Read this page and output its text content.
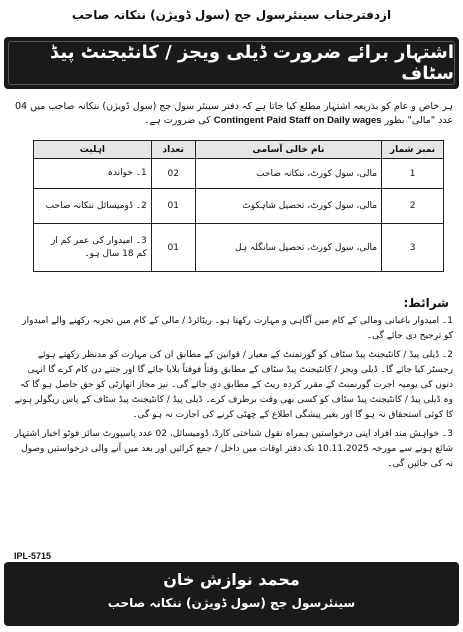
ازدفترجناب سینئرسول جج (سول ڈویژن) ننکانہ صاحب
اشتہار برائے ضرورت ڈیلی ویجز / کانٹیجنٹ پیڈ سٹاف
ہر خاص و عام کو بذریعہ اشتہار مطلع کیا جاتا ہے کہ دفتر سینئر سول جج (سول ڈویژن) ننکانہ صاحب میں 04 عدد "مالی" بطور Contingent Paid Staff on Daily wages کی ضرورت ہے۔
نمبر شمار	نام خالی آسامی	تعداد	اہلیت
1	مالی، سول کورٹ، ننکانہ صاحب	02	1۔ خواندہ
2	مالی، سول کورٹ، تحصیل شاہکوٹ	01	2۔ ڈومیسائل ننکانہ صاحب
3	مالی، سول کورٹ، تحصیل سانگلہ ہل	01	3۔ امیدوار کی عمر کم از کم 18 سال ہو۔
شرائط:

1۔ امیدوار باغبانی ومالی کے کام میں آگاہی و مہارت رکھتا ہو۔ ریٹائرڈ / مالی کے کام میں تجربہ رکھنے والے امیدوار کو ترجیح دی جائے گی۔

2۔ ڈیلی پیڈ / کانٹیجنٹ پیڈ سٹاف کو گورنمنٹ کے معیار / قوانین کے مطابق ان کی مہارت کو مدنظر رکھتے ہوئے رجسٹر کیا جائے گا۔ ڈیلی ویجز / کانٹیجنٹ پیڈ سٹاف کے مطابق وقتاً فوقتاً بلایا جائے گا اور جتنے دن کام کرے گا انہی دنوں کی یومیہ اجرت گورنمنٹ کے مقرر کردہ ریٹ کے مطابق دی جائے گی۔ نیز مجاز اتھارٹی کو حق حاصل ہو گا کہ وہ ڈیلی پیڈ / کانٹیجنٹ پیڈ سٹاف کو کسی بھی وقت برطرف کرے۔ ڈیلی پیڈ / کانٹیجنٹ پیڈ سٹاف کے پاس ریگولر ہونے کا کوئی استحقاق نہ ہو گا اور بغیر پیشگی اطلاع کے چھٹی کرنے کی اجازت نہ ہو گی۔

3۔ خواہش مند افراد اپنی درخواستیں ہمراہ نقول شناختی کارڈ، ڈومیسائل، 02 عدد پاسپورٹ سائز فوٹو اخبار اشتہار شائع ہونے سے مورخہ 10.11.2025 تک دفتر اوقات میں داخل / جمع کرائیں اور بعد میں آنے والی درخواستیں وصول نہ کی جائیں گی۔

IPL-5715
محمد نوازش خان
سینئرسول جج (سول ڈویژن) ننکانہ صاحب
